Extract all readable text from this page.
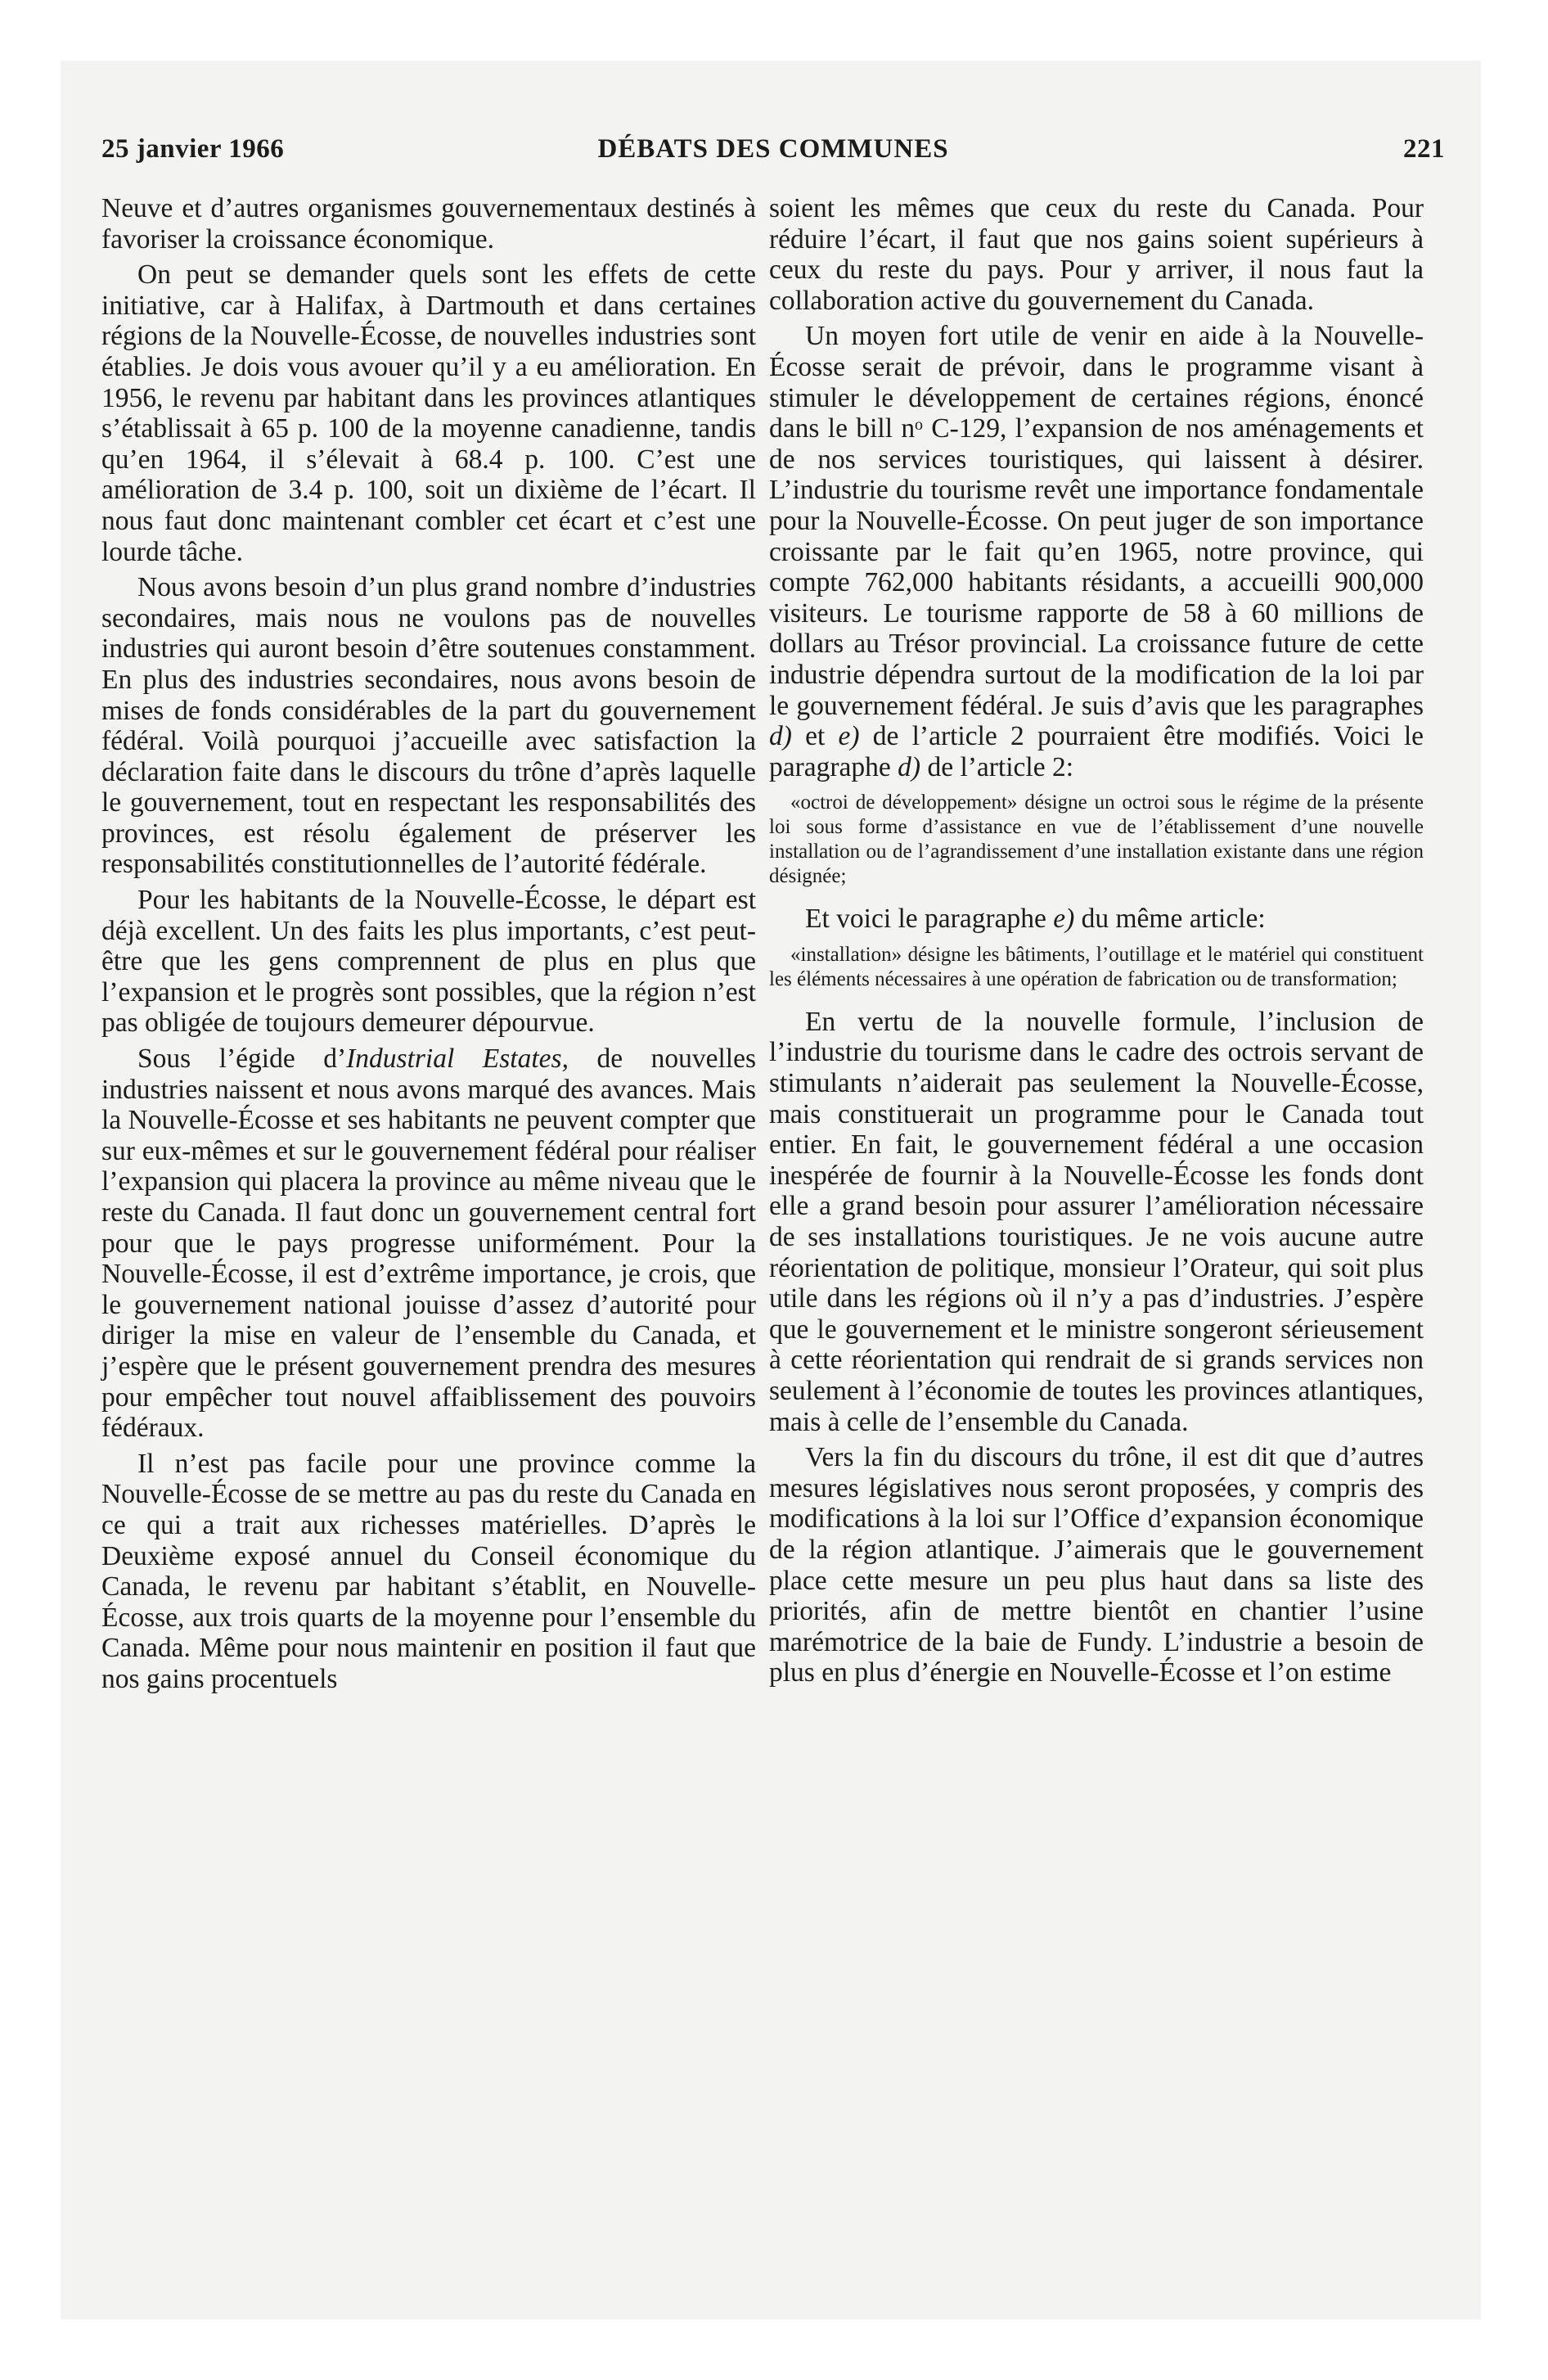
25 janvier 1966	DÉBATS DES COMMUNES	221

Neuve et d’autres organismes gouvernementaux destinés à favoriser la croissance économique.

On peut se demander quels sont les effets de cette initiative, car à Halifax, à Dartmouth et dans certaines régions de la Nouvelle-Écosse, de nouvelles industries sont établies. Je dois vous avouer qu’il y a eu amélioration. En 1956, le revenu par habitant dans les provinces atlantiques s’établissait à 65 p. 100 de la moyenne canadienne, tandis qu’en 1964, il s’élevait à 68.4 p. 100. C’est une amélioration de 3.4 p. 100, soit un dixième de l’écart. Il nous faut donc maintenant combler cet écart et c’est une lourde tâche.

Nous avons besoin d’un plus grand nombre d’industries secondaires, mais nous ne voulons pas de nouvelles industries qui auront besoin d’être soutenues constamment. En plus des industries secondaires, nous avons besoin de mises de fonds considérables de la part du gouvernement fédéral. Voilà pourquoi j’accueille avec satisfaction la déclaration faite dans le discours du trône d’après laquelle le gouvernement, tout en respectant les responsabilités des provinces, est résolu également de préserver les responsabilités constitutionnelles de l’autorité fédérale.

Pour les habitants de la Nouvelle-Écosse, le départ est déjà excellent. Un des faits les plus importants, c’est peut-être que les gens comprennent de plus en plus que l’expansion et le progrès sont possibles, que la région n’est pas obligée de toujours demeurer dépourvue.

Sous l’égide d’Industrial Estates, de nouvelles industries naissent et nous avons marqué des avances. Mais la Nouvelle-Écosse et ses habitants ne peuvent compter que sur eux-mêmes et sur le gouvernement fédéral pour réaliser l’expansion qui placera la province au même niveau que le reste du Canada. Il faut donc un gouvernement central fort pour que le pays progresse uniformément. Pour la Nouvelle-Écosse, il est d’extrême importance, je crois, que le gouvernement national jouisse d’assez d’autorité pour diriger la mise en valeur de l’ensemble du Canada, et j’espère que le présent gouvernement prendra des mesures pour empêcher tout nouvel affaiblissement des pouvoirs fédéraux.

Il n’est pas facile pour une province comme la Nouvelle-Écosse de se mettre au pas du reste du Canada en ce qui a trait aux richesses matérielles. D’après le Deuxième exposé annuel du Conseil économique du Canada, le revenu par habitant s’établit, en Nouvelle-Écosse, aux trois quarts de la moyenne pour l’ensemble du Canada. Même pour nous maintenir en position il faut que nos gains procentuels

soient les mêmes que ceux du reste du Canada. Pour réduire l’écart, il faut que nos gains soient supérieurs à ceux du reste du pays. Pour y arriver, il nous faut la collaboration active du gouvernement du Canada.

Un moyen fort utile de venir en aide à la Nouvelle-Écosse serait de prévoir, dans le programme visant à stimuler le développement de certaines régions, énoncé dans le bill nᵒ C-129, l’expansion de nos aménagements et de nos services touristiques, qui laissent à désirer. L’industrie du tourisme revêt une importance fondamentale pour la Nouvelle-Écosse. On peut juger de son importance croissante par le fait qu’en 1965, notre province, qui compte 762,000 habitants résidants, a accueilli 900,000 visiteurs. Le tourisme rapporte de 58 à 60 millions de dollars au Trésor provincial. La croissance future de cette industrie dépendra surtout de la modification de la loi par le gouvernement fédéral. Je suis d’avis que les paragraphes d) et e) de l’article 2 pourraient être modifiés. Voici le paragraphe d) de l’article 2:

«octroi de développement» désigne un octroi sous le régime de la présente loi sous forme d’assistance en vue de l’établissement d’une nouvelle installation ou de l’agrandissement d’une installation existante dans une région désignée;

Et voici le paragraphe e) du même article:

«installation» désigne les bâtiments, l’outillage et le matériel qui constituent les éléments nécessaires à une opération de fabrication ou de transformation;

En vertu de la nouvelle formule, l’inclusion de l’industrie du tourisme dans le cadre des octrois servant de stimulants n’aiderait pas seulement la Nouvelle-Écosse, mais constituerait un programme pour le Canada tout entier. En fait, le gouvernement fédéral a une occasion inespérée de fournir à la Nouvelle-Écosse les fonds dont elle a grand besoin pour assurer l’amélioration nécessaire de ses installations touristiques. Je ne vois aucune autre réorientation de politique, monsieur l’Orateur, qui soit plus utile dans les régions où il n’y a pas d’industries. J’espère que le gouvernement et le ministre songeront sérieusement à cette réorientation qui rendrait de si grands services non seulement à l’économie de toutes les provinces atlantiques, mais à celle de l’ensemble du Canada.

Vers la fin du discours du trône, il est dit que d’autres mesures législatives nous seront proposées, y compris des modifications à la loi sur l’Office d’expansion économique de la région atlantique. J’aimerais que le gouvernement place cette mesure un peu plus haut dans sa liste des priorités, afin de mettre bientôt en chantier l’usine marémotrice de la baie de Fundy. L’industrie a besoin de plus en plus d’énergie en Nouvelle-Écosse et l’on estime
